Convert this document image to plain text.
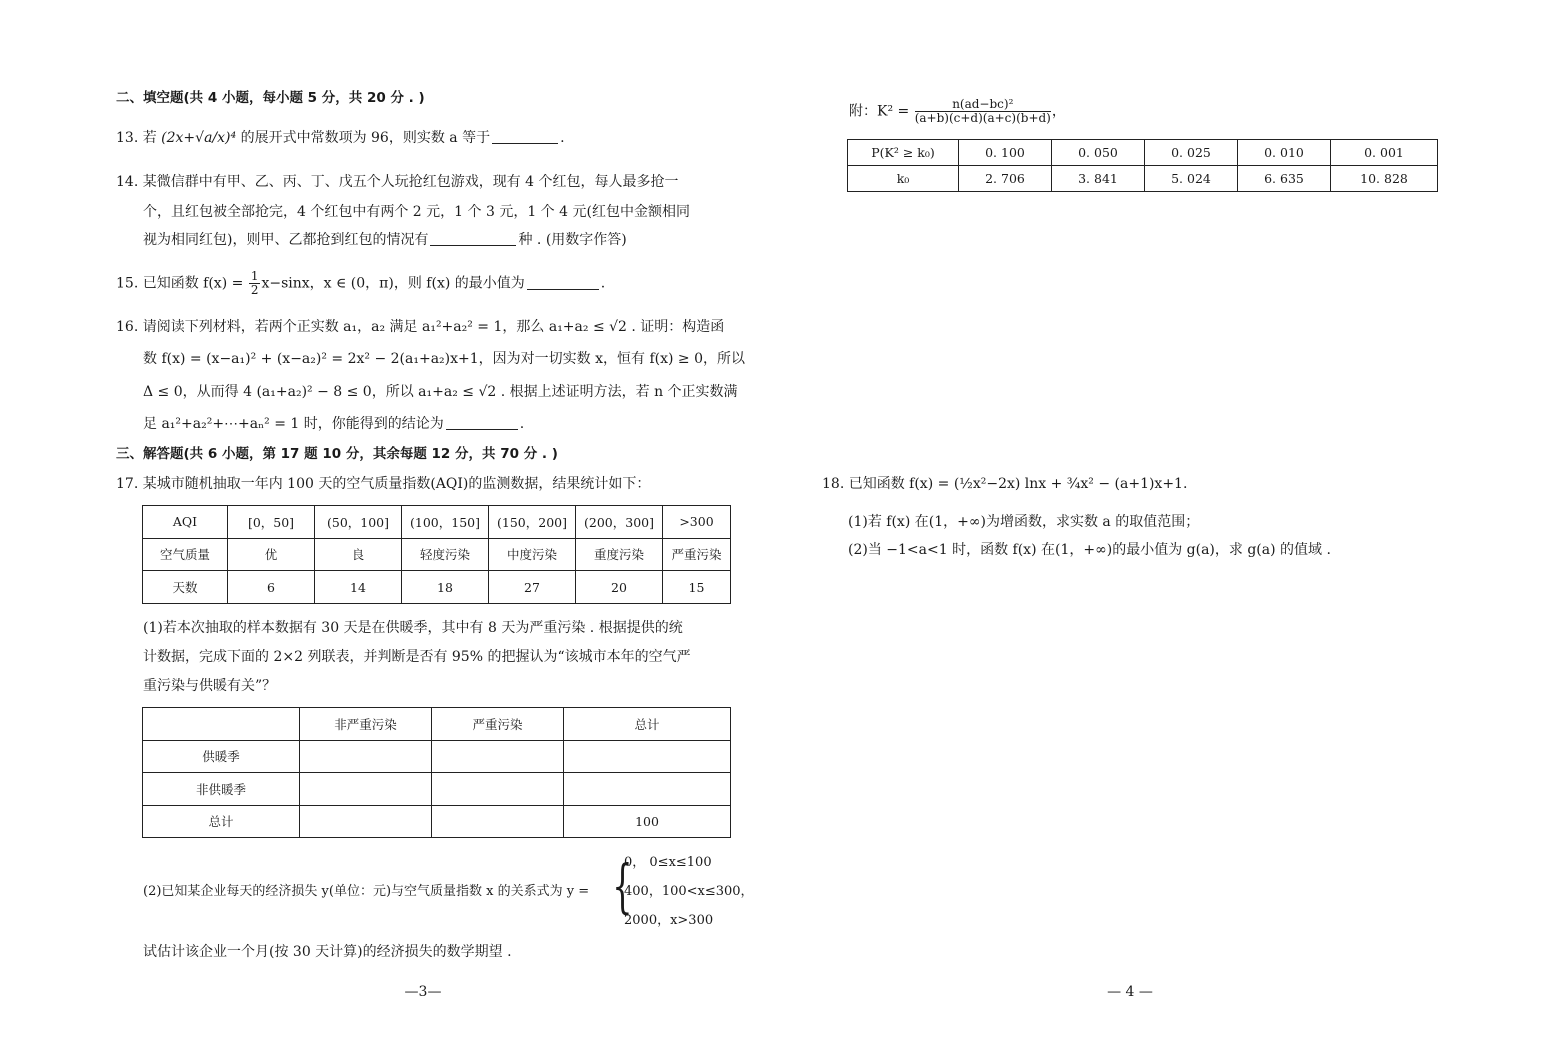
二、填空题(共 4 小题，每小题 5 分，共 20 分 . )
13. 若 (2x+√a/x)⁴ 的展开式中常数项为 96，则实数 a 等于	.
14. 某微信群中有甲、乙、丙、丁、戊五个人玩抢红包游戏，现有 4 个红包，每人最多抢一
个，且红包被全部抢完，4 个红包中有两个 2 元，1 个 3 元，1 个 4 元(红包中金额相同
视为相同红包)，则甲、乙都抢到红包的情况有	种 . (用数字作答)
15. 已知函数 $f(x) = \frac{1}{2} x-\sin x$，x ∈ (0，π)，则 f(x) 的最小值为	.
16. 请阅读下列材料，若两个正实数 a₁，a₂ 满足 a₁²+a₂² = 1，那么 a₁+a₂ ≤ √2 . 证明：构造函
数 f(x) = (x−a₁)² + (x−a₂)² = 2x² − 2(a₁+a₂)x+1，因为对一切实数 x，恒有 f(x) ≥ 0，所以
Δ ≤ 0，从而得 4 (a₁+a₂)² − 8 ≤ 0，所以 a₁+a₂ ≤ √2 . 根据上述证明方法，若 n 个正实数满
足 a₁²+a₂²+⋯+aₙ² = 1 时，你能得到的结论为	.
三、解答题(共 6 小题，第 17 题 10 分，其余每题 12 分，共 70 分 . )
17. 某城市随机抽取一年内 100 天的空气质量指数(AQI)的监测数据，结果统计如下：
AQI	[0，50]	(50，100]	(100，150]	(150，200]	(200，300]	>300
空气质量	优	良	轻度污染	中度污染	重度污染	严重污染
天数	6	14	18	27	20	15
(1)若本次抽取的样本数据有 30 天是在供暖季，其中有 8 天为严重污染 . 根据提供的统
计数据，完成下面的 2×2 列联表，并判断是否有 95% 的把握认为“该城市本年的空气严
重污染与供暖有关”？
	非严重污染	严重污染	总计
供暖季			
非供暖季			
总计			100
(2)已知某企业每天的经济损失 y(单位：元)与空气质量指数 x 的关系式为 y = {
0， 0≤x≤100
400，100<x≤300，
2000，x>300
试估计该企业一个月(按 30 天计算)的经济损失的数学期望 .
—3—
附：$K^2 = \frac{\text{n(ad−bc)²}}{(a+b)(c+d)(a+c)(b+d)}$ ，
P(K² ≥ k₀)	0. 100	0. 050	0. 025	0. 010	0. 001
k₀	2. 706	3. 841	5. 024	6. 635	10. 828
18. 已知函数 f(x) = (½x²−2x) lnx + ¾x² − (a+1)x+1.
(1)若 f(x) 在(1，+∞)为增函数，求实数 a 的取值范围；
(2)当 −1<a<1 时，函数 f(x) 在(1，+∞)的最小值为 g(a)，求 g(a) 的值域 .
— 4 —
